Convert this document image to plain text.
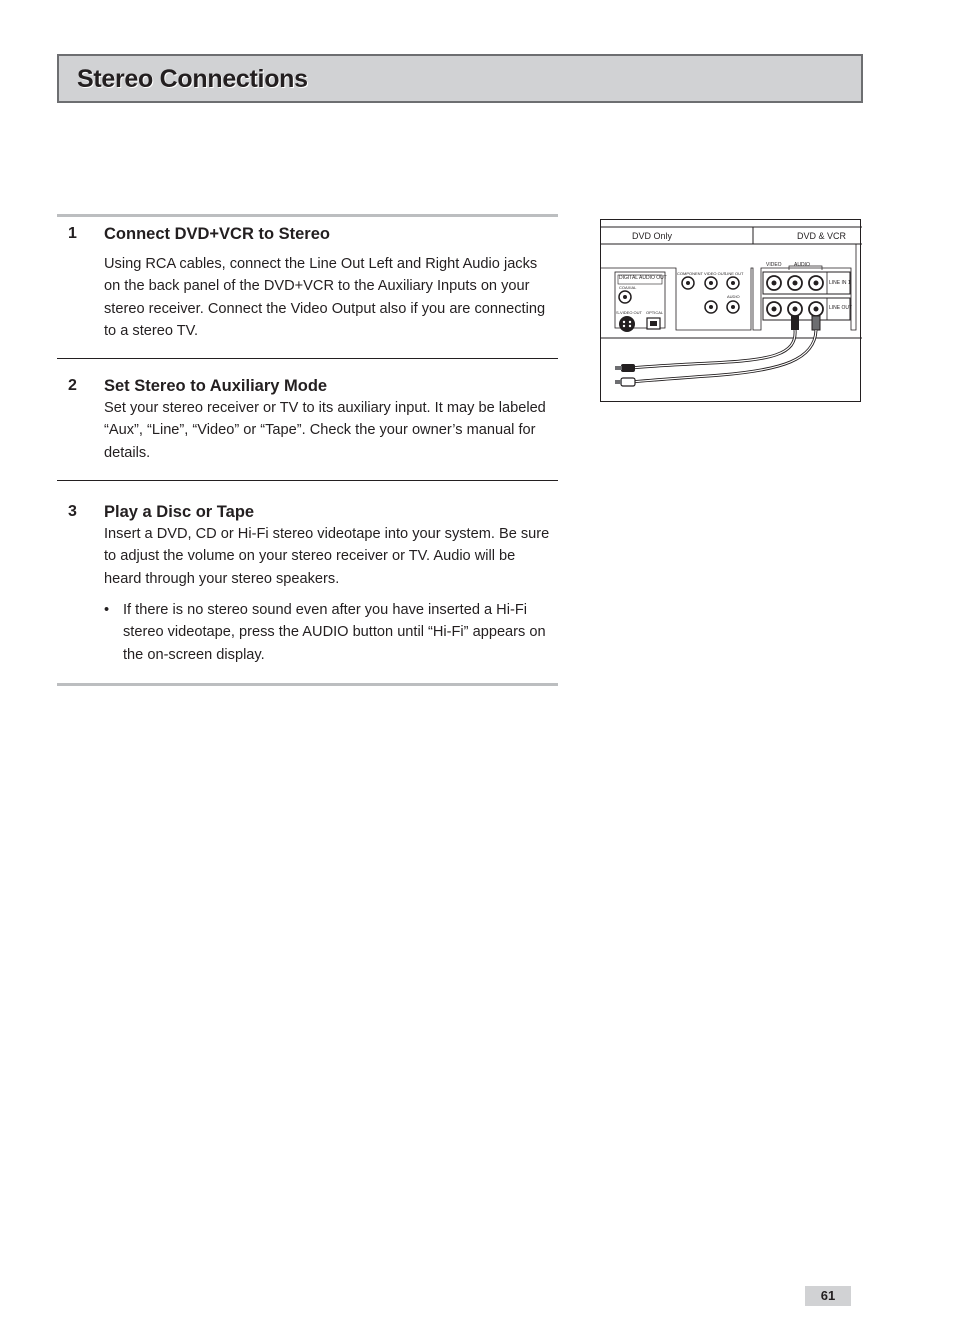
Stereo Connections
1 Connect DVD+VCR to Stereo

Using RCA cables, connect the Line Out Left and Right Audio jacks on the back panel of the DVD+VCR to the Auxiliary Inputs on your stereo receiver. Connect the Video Output also if you are connecting to a stereo TV.

2 Set Stereo to Auxiliary Mode

Set your stereo receiver or TV to its auxiliary input. It may be labeled “Aux”, “Line”, “Video” or “Tape”. Check the your owner’s manual for details.

3 Play a Disc or Tape

Insert a DVD, CD or Hi-Fi stereo videotape into your system. Be sure to adjust the volume on your stereo receiver or TV. Audio will be heard through your stereo speakers.

• If there is no stereo sound even after you have inserted a Hi-Fi stereo videotape, press the AUDIO button until “Hi-Fi” appears on the on-screen display.

DVD Only	DVD & VCR
DIGITAL AUDIO OUT
COAXIAL
S-VIDEO OUT OPTICAL
COMPONENT VIDEO OUT
LINE OUT
AUDIO
VIDEO AUDIO
LINE IN 1
LINE OUT
61
